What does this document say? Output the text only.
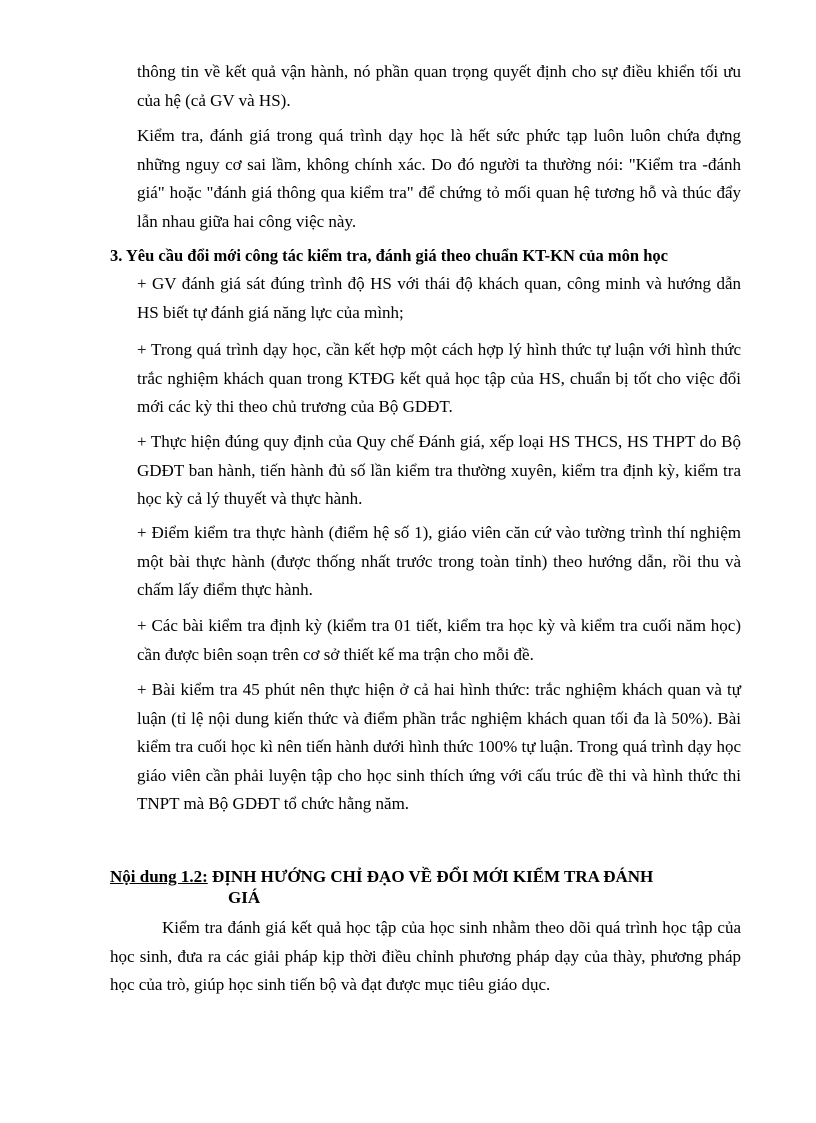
thông tin về kết quả vận hành, nó phần quan trọng quyết định cho sự điều khiển tối ưu của hệ (cả GV và HS).

Kiểm tra, đánh giá trong quá trình dạy học là hết sức phức tạp luôn luôn chứa đựng những nguy cơ sai lầm, không chính xác. Do đó người ta thường nói: "Kiểm tra -đánh giá" hoặc "đánh giá thông qua kiểm tra" để chứng tỏ mối quan hệ tương hỗ và thúc đẩy lẫn nhau giữa hai công việc này.

3. Yêu cầu đổi mới công tác kiểm tra, đánh giá theo chuẩn KT-KN của môn học

+ GV đánh giá sát đúng trình độ HS với thái độ khách quan, công minh và hướng dẫn HS biết tự đánh giá năng lực của mình;

+ Trong quá trình dạy học, cần kết hợp một cách hợp lý hình thức tự luận với hình thức trắc nghiệm khách quan trong KTĐG kết quả học tập của HS, chuẩn bị tốt cho việc đổi mới các kỳ thi theo chủ trương của Bộ GDĐT.

+ Thực hiện đúng quy định của Quy chế Đánh giá, xếp loại HS THCS, HS THPT do Bộ GDĐT ban hành, tiến hành đủ số lần kiểm tra thường xuyên, kiểm tra định kỳ, kiểm tra học kỳ cả lý thuyết và thực hành.

+ Điểm kiểm tra thực hành (điểm hệ số 1), giáo viên căn cứ vào tường trình thí nghiệm một bài thực hành (được thống nhất trước trong toàn tỉnh) theo hướng dẫn, rồi thu và chấm lấy điểm thực hành.

+ Các bài kiểm tra định kỳ (kiểm tra 01 tiết, kiểm tra học kỳ và kiểm tra cuối năm học) cần được biên soạn trên cơ sở thiết kế ma trận cho mỗi đề.

+ Bài kiểm tra 45 phút nên thực hiện ở cả hai hình thức: trắc nghiệm khách quan và tự luận (tỉ lệ nội dung kiến thức và điểm phần trắc nghiệm khách quan tối đa là 50%). Bài kiểm tra cuối học kì nên tiến hành dưới hình thức 100% tự luận. Trong quá trình dạy học giáo viên cần phải luyện tập cho học sinh thích ứng với cấu trúc đề thi và hình thức thi TNPT mà Bộ GDĐT tổ chức hằng năm.

Nội dung 1.2: ĐỊNH HƯỚNG CHỈ ĐẠO VỀ ĐỔI MỚI KIỂM TRA ĐÁNH
GIÁ

Kiểm tra đánh giá kết quả học tập của học sinh nhằm theo dõi quá trình học tập của học sinh, đưa ra các giải pháp kịp thời điều chỉnh phương pháp dạy của thày, phương pháp học của trò, giúp học sinh tiến bộ và đạt được mục tiêu giáo dục.
